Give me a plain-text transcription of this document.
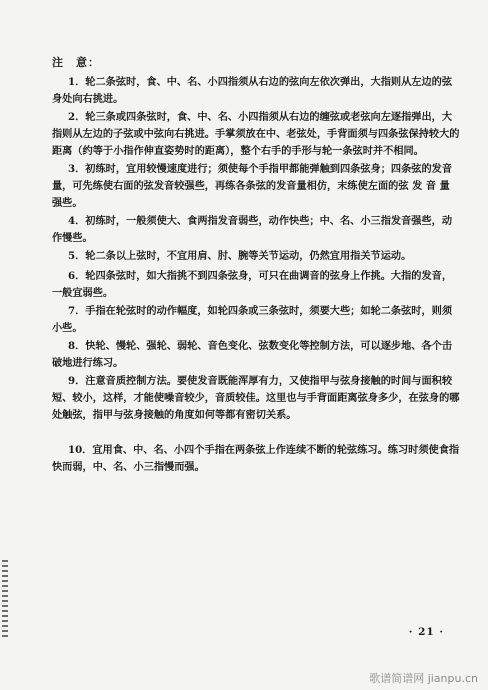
注　意：

1．轮二条弦时，食、中、名、小四指须从右边的弦向左依次弹出，大指则从左边的弦身处向右挑进。

2．轮三条或四条弦时，食、中、名、小四指须从右边的缠弦或老弦向左逐指弹出，大指则从左边的子弦或中弦向右挑进。手掌须放在中、老弦处，手背面须与四条弦保持较大的距离（约等于小指作伸直姿势时的距离），整个右手的手形与轮一条弦时并不相同。

3．初练时，宜用较慢速度进行；须使每个手指甲都能弹触到四条弦身；四条弦的发音量，可先练使右面的弦发音较强些，再练各条弦的发音量相仿，末练使左面的弦 发 音 量 强些。

4．初练时，一般须使大、食两指发音弱些，动作快些；中、名、小三指发音强些，动作慢些。

5．轮二条以上弦时，不宜用肩、肘、腕等关节运动，仍然宜用指关节运动。

6．轮四条弦时，如大指挑不到四条弦身，可只在曲调音的弦身上作挑。大指的发音，一般宜弱些。

7．手指在轮弦时的动作幅度，如轮四条或三条弦时，须要大些；如轮二条弦时，则须小些。

8．快轮、慢轮、强轮、弱轮、音色变化、弦数变化等控制方法，可以逐步地、各个击破地进行练习。

9．注意音质控制方法。要使发音既能浑厚有力，又使指甲与弦身接触的时间与面积较短、较小，这样，才能使噪音较少，音质较佳。这里也与手背面距离弦身多少，在弦身的哪处触弦，指甲与弦身接触的角度如何等都有密切关系。

10．宜用食、中、名、小四个手指在两条弦上作连续不断的轮弦练习。练习时须使食指快而弱，中、名、小三指慢而强。

· 21 ·
歌谱简谱网 jianpu.cn
